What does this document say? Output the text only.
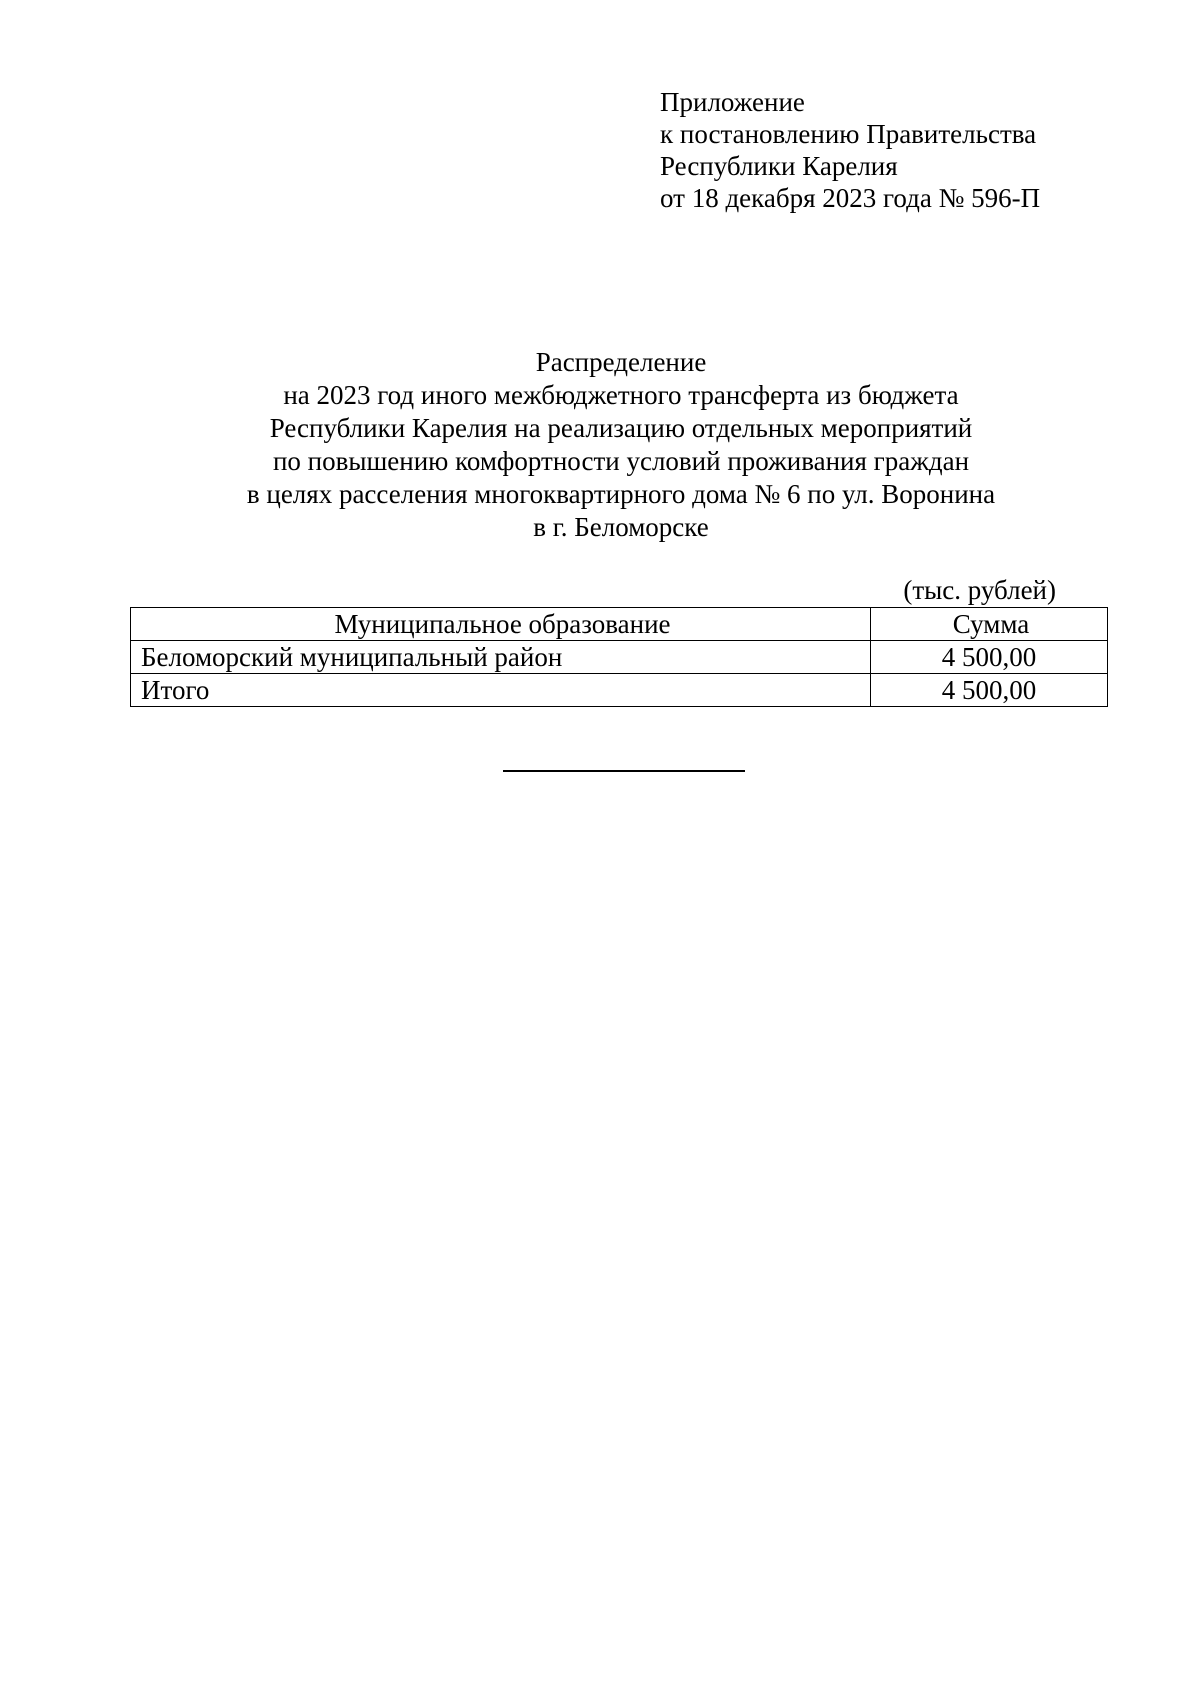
Приложение
к постановлению Правительства
Республики Карелия
от 18 декабря 2023 года № 596-П
Распределение
на 2023 год иного межбюджетного трансферта из бюджета
Республики Карелия на реализацию отдельных мероприятий
по повышению комфортности условий проживания граждан
в целях расселения многоквартирного дома № 6 по ул. Воронина
в г. Беломорске
(тыс. рублей)
Муниципальное образование	Сумма
Беломорский муниципальный район	4 500,00
Итого	4 500,00
